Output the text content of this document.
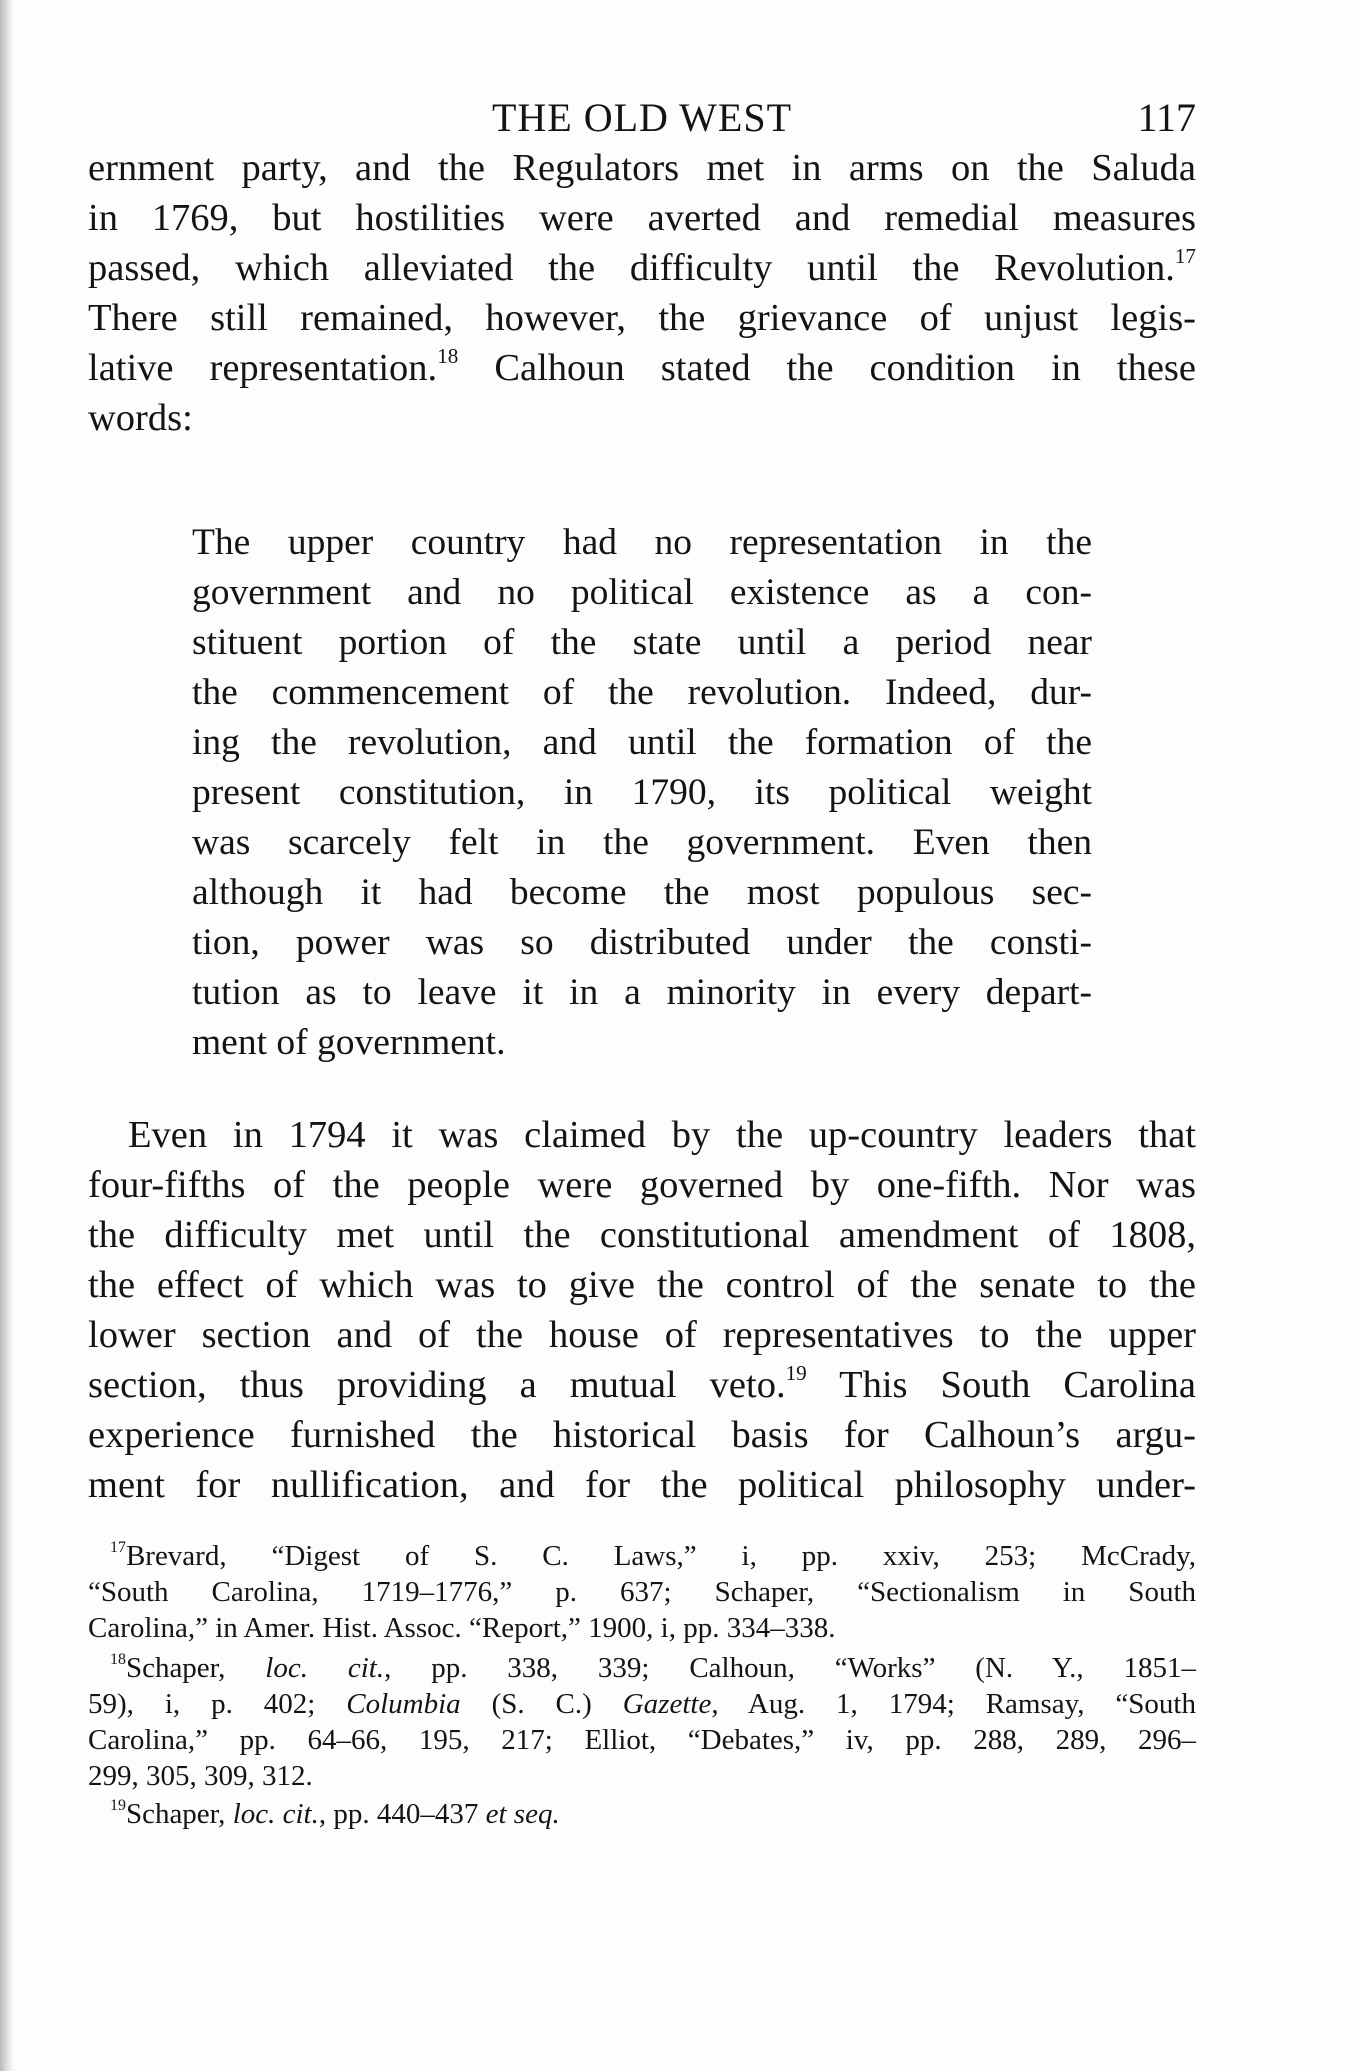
THE OLD WEST	117
ernment party, and the Regulators met in arms on the Saluda
in 1769, but hostilities were averted and remedial measures
passed, which alleviated the difficulty until the Revolution.$^{17}$
There still remained, however, the grievance of unjust legis-
lative representation.$^{18}$ Calhoun stated the condition in these
words:
The upper country had no representation in the
government and no political existence as a con-
stituent portion of the state until a period near
the commencement of the revolution. Indeed, dur-
ing the revolution, and until the formation of the
present constitution, in 1790, its political weight
was scarcely felt in the government. Even then
although it had become the most populous sec-
tion, power was so distributed under the consti-
tution as to leave it in a minority in every depart-
ment of government.
Even in 1794 it was claimed by the up-country leaders that
four-fifths of the people were governed by one-fifth. Nor was
the difficulty met until the constitutional amendment of 1808,
the effect of which was to give the control of the senate to the
lower section and of the house of representatives to the upper
section, thus providing a mutual veto.$^{19}$ This South Carolina
experience furnished the historical basis for Calhoun’s argu-
ment for nullification, and for the political philosophy under-
$^{17}$Brevard, “Digest of S. C. Laws,” i, pp. xxiv, 253; McCrady,
“South Carolina, 1719–1776,” p. 637; Schaper, “Sectionalism in South
Carolina,” in Amer. Hist. Assoc. “Report,” 1900, i, pp. 334–338.
$^{18}$Schaper, loc. cit., pp. 338, 339; Calhoun, “Works” (N. Y., 1851–
59), i, p. 402; Columbia (S. C.) Gazette, Aug. 1, 1794; Ramsay, “South
Carolina,” pp. 64–66, 195, 217; Elliot, “Debates,” iv, pp. 288, 289, 296–
299, 305, 309, 312.
$^{19}$Schaper, loc. cit., pp. 440–437 et seq.
